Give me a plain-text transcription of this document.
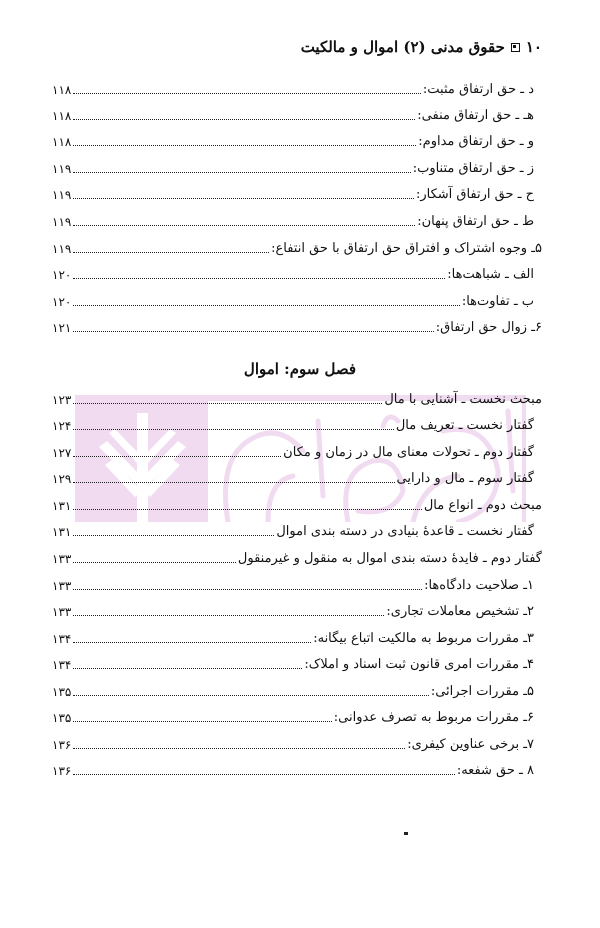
۱۰
حقوق مدنی (۲) اموال و مالکیت
د ـ حق ارتفاق مثبت:
۱۱۸
هـ ـ حق ارتفاق منفی:
۱۱۸
و ـ حق ارتفاق مداوم:
۱۱۸
ز ـ حق ارتفاق متناوب:
۱۱۹
ح ـ حق ارتفاق آشکار:
۱۱۹
ط ـ حق ارتفاق پنهان:
۱۱۹
۵ـ وجوه اشتراک و افتراق حق ارتفاق با حق انتفاع:
۱۱۹
الف ـ شباهت‌ها:
۱۲۰
ب ـ تفاوت‌ها:
۱۲۰
۶ـ زوال حق ارتفاق:
۱۲۱
فصل سوم: اموال
مبحث نخست ـ آشنایی با مال
۱۲۳
گفتار نخست ـ تعریف مال
۱۲۴
گفتار دوم ـ تحولات معنای مال در زمان و مکان
۱۲۷
گفتار سوم ـ مال و دارایی
۱۲۹
مبحث دوم ـ انواع مال
۱۳۱
گفتار نخست ـ قاعدهٔ بنیادی در دسته بندی اموال
۱۳۱
گفتار دوم ـ فایدهٔ دسته بندی اموال به منقول و غیرمنقول
۱۳۳
۱ـ صلاحیت دادگاه‌ها:
۱۳۳
۲ـ تشخیص معاملات تجاری:
۱۳۳
۳ـ مقررات مربوط به مالکیت اتباع بیگانه:
۱۳۴
۴ـ مقررات امری قانون ثبت اسناد و املاک:
۱۳۴
۵ـ مقررات اجرائی:
۱۳۵
۶ـ مقررات مربوط به تصرف عدوانی:
۱۳۵
۷ـ برخی عناوین کیفری:
۱۳۶
۸ ـ حق شفعه:
۱۳۶
